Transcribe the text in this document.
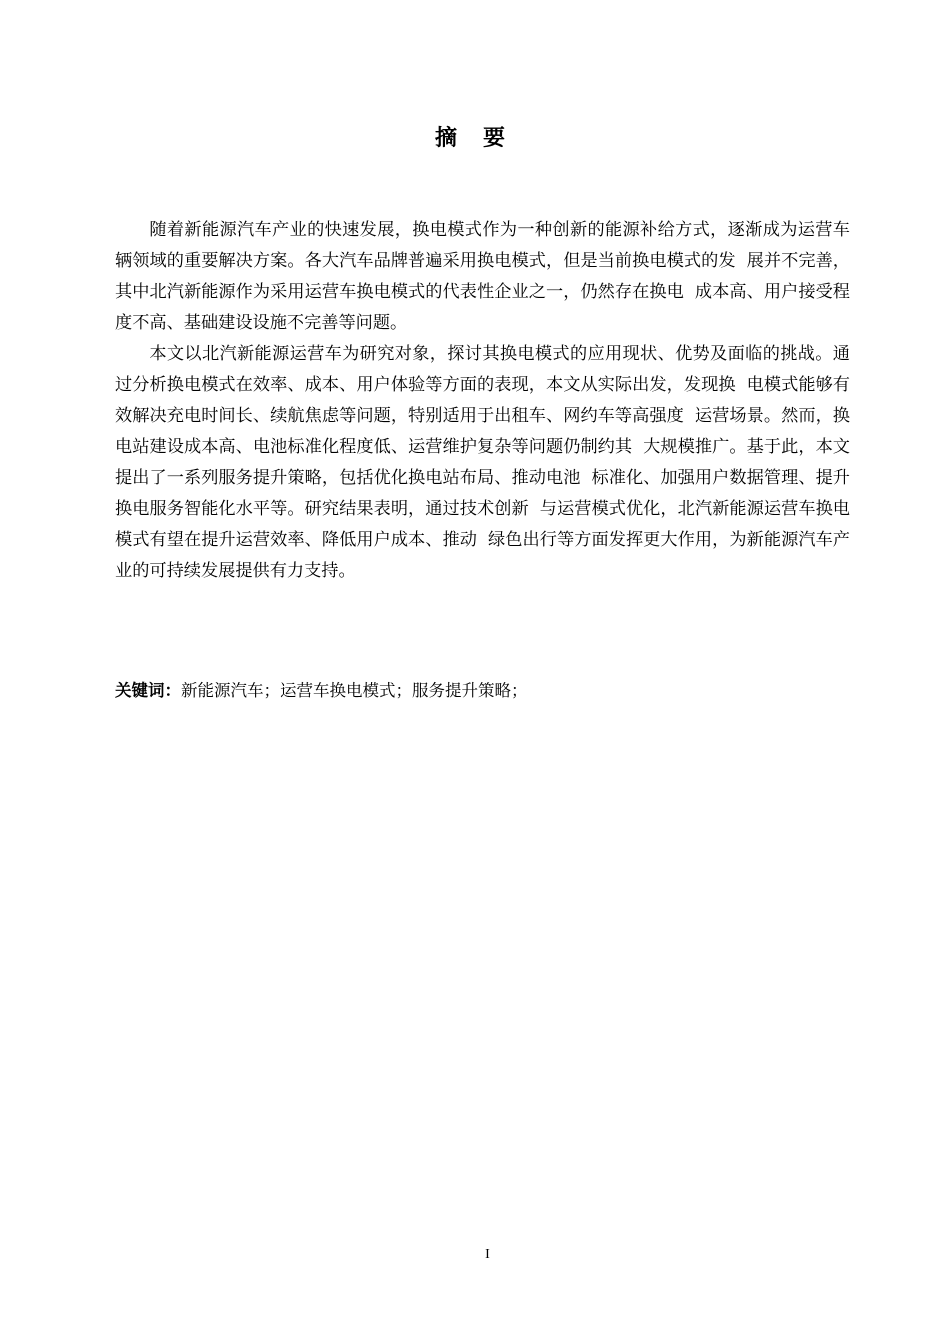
摘要

随着新能源汽车产业的快速发展，换电模式作为一种创新的能源补给方式，逐渐成为运营车辆领域的重要解决方案。各大汽车品牌普遍采用换电模式，但是当前换电模式的发  展并不完善，其中北汽新能源作为采用运营车换电模式的代表性企业之一，仍然存在换电  成本高、用户接受程度不高、基础建设设施不完善等问题。

本文以北汽新能源运营车为研究对象，探讨其换电模式的应用现状、优势及面临的挑战。通过分析换电模式在效率、成本、用户体验等方面的表现，本文从实际出发，发现换  电模式能够有效解决充电时间长、续航焦虑等问题，特别适用于出租车、网约车等高强度  运营场景。然而，换电站建设成本高、电池标准化程度低、运营维护复杂等问题仍制约其  大规模推广。基于此，本文提出了一系列服务提升策略，包括优化换电站布局、推动电池  标准化、加强用户数据管理、提升换电服务智能化水平等。研究结果表明，通过技术创新  与运营模式优化，北汽新能源运营车换电模式有望在提升运营效率、降低用户成本、推动  绿色出行等方面发挥更大作用，为新能源汽车产业的可持续发展提供有力支持。

关键词：新能源汽车；运营车换电模式；服务提升策略；
I
